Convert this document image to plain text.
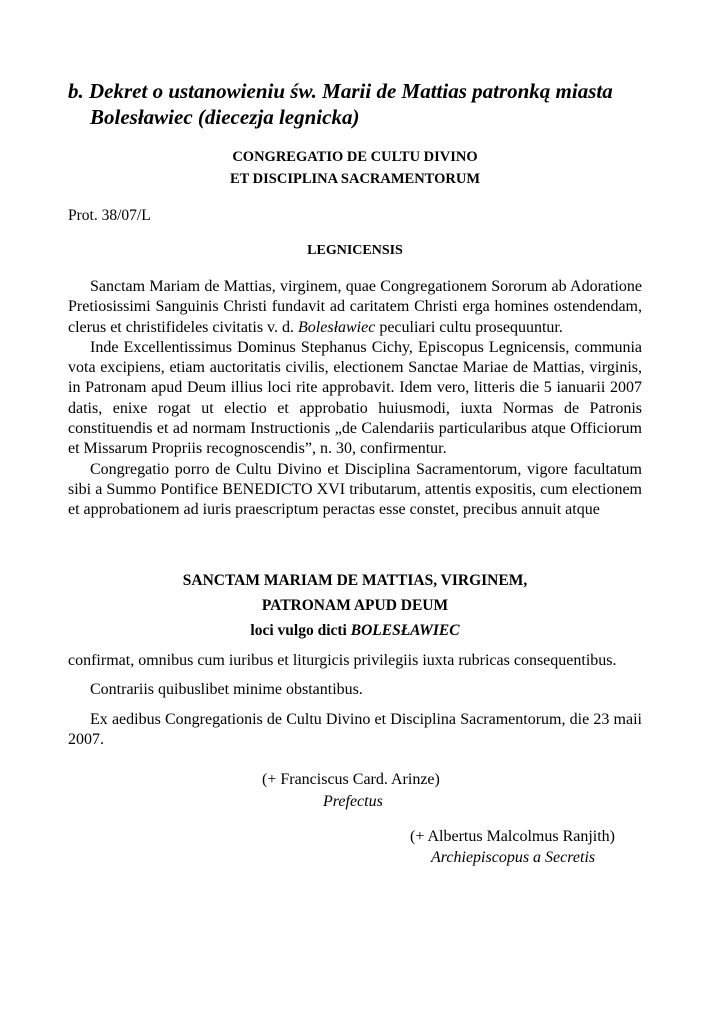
b. Dekret o ustanowieniu św. Marii de Mattias patronką miasta
Bolesławiec (diecezja legnicka)
CONGREGATIO DE CULTU DIVINO
ET DISCIPLINA SACRAMENTORUM
Prot. 38/07/L
LEGNICENSIS

Sanctam Mariam de Mattias, virginem, quae Congregationem Sororum ab Adoratione Pretiosissimi Sanguinis Christi fundavit ad caritatem Christi erga homines ostendendam, clerus et christifideles civitatis v. d. Bolesławiec peculiari cultu prosequuntur.

Inde Excellentissimus Dominus Stephanus Cichy, Episcopus Legnicensis, communia vota excipiens, etiam auctoritatis civilis, electionem Sanctae Mariae de Mattias, virginis, in Patronam apud Deum illius loci rite approbavit. Idem vero, litteris die 5 ianuarii 2007 datis, enixe rogat ut electio et approbatio huiusmodi, iuxta Normas de Patronis constituendis et ad normam Instructionis „de Calendariis particularibus atque Officiorum et Missarum Propriis recognoscendis”, n. 30, confirmentur.

Congregatio porro de Cultu Divino et Disciplina Sacramentorum, vigore facultatum sibi a Summo Pontifice BENEDICTO XVI tributarum, attentis expositis, cum electionem et approbationem ad iuris praescriptum peractas esse constet, precibus annuit atque

SANCTAM MARIAM DE MATTIAS, VIRGINEM,
PATRONAM APUD DEUM
loci vulgo dicti BOLESŁAWIEC

confirmat, omnibus cum iuribus et liturgicis privilegiis iuxta rubricas consequentibus.

Contrariis quibuslibet minime obstantibus.

Ex aedibus Congregationis de Cultu Divino et Disciplina Sacramentorum, die 23 maii 2007.

(+ Franciscus Card. Arinze)
Prefectus
(+ Albertus Malcolmus Ranjith)
Archiepiscopus a Secretis
